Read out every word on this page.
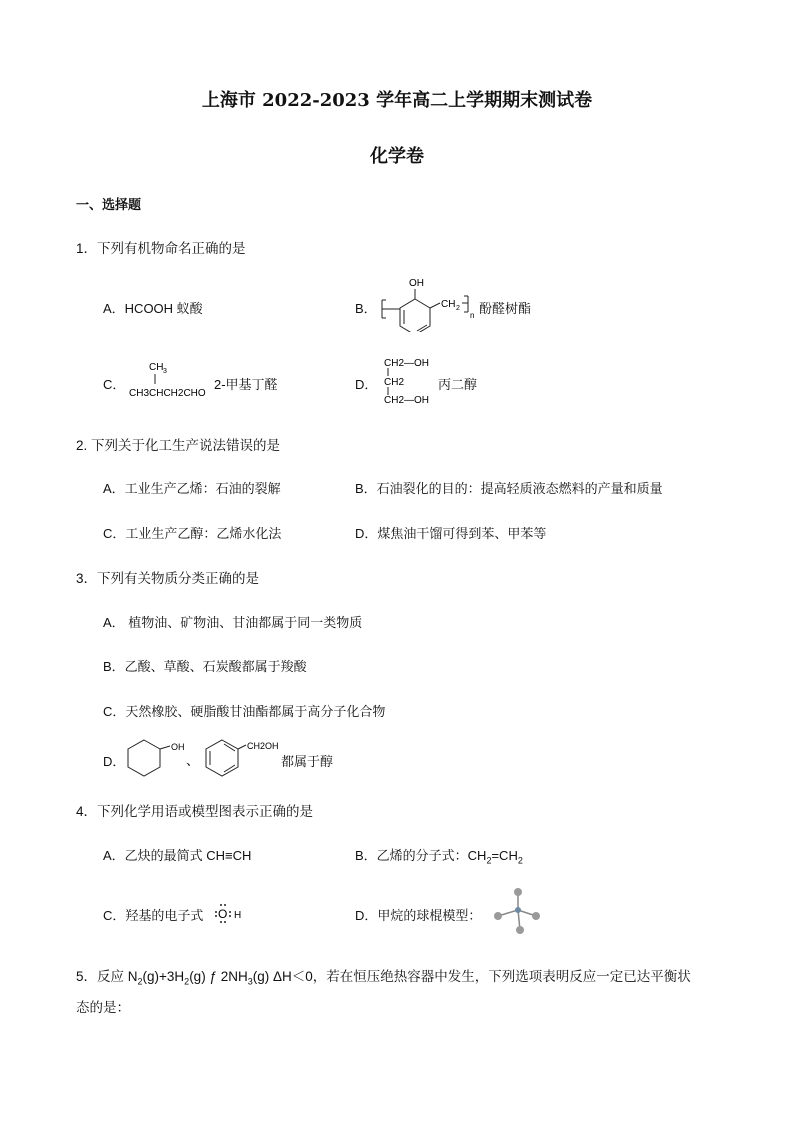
上海市 2022-2023 学年高二上学期期末测试卷
化学卷
一、选择题
1．下列有机物命名正确的是
A．HCOOH 蚁酸	B．
OH
CH 2
n 酚醛树酯
C．
CH 3
CH3CHCH2CHO
2-甲基丁醛	D．
CH2—OH
CH2
CH2—OH
丙二醇
2. 下列关于化工生产说法错误的是
A．工业生产乙烯：石油的裂解	B．石油裂化的目的：提高轻质液态燃料的产量和质量
C．工业生产乙醇：乙烯水化法	D．煤焦油干馏可得到苯、甲苯等
3．下列有关物质分类正确的是
A． 植物油、矿物油、甘油都属于同一类物质
B．乙酸、草酸、石炭酸都属于羧酸
C．天然橡胶、硬脂酸甘油酯都属于高分子化合物
D．
OH
、
CH2OH
都属于醇
4．下列化学用语或模型图表示正确的是
A．乙炔的最简式 CH≡CH	B．乙烯的分子式：$CH_2=CH_2$
C．羟基的电子式 O H	D．甲烷的球棍模型：
5．反应 $N_2(g)+3H_2(g)$ ƒ $2NH_3(g)$ ΔH＜0，若在恒压绝热容器中发生，下列选项表明反应一定已达平衡状
态的是：
